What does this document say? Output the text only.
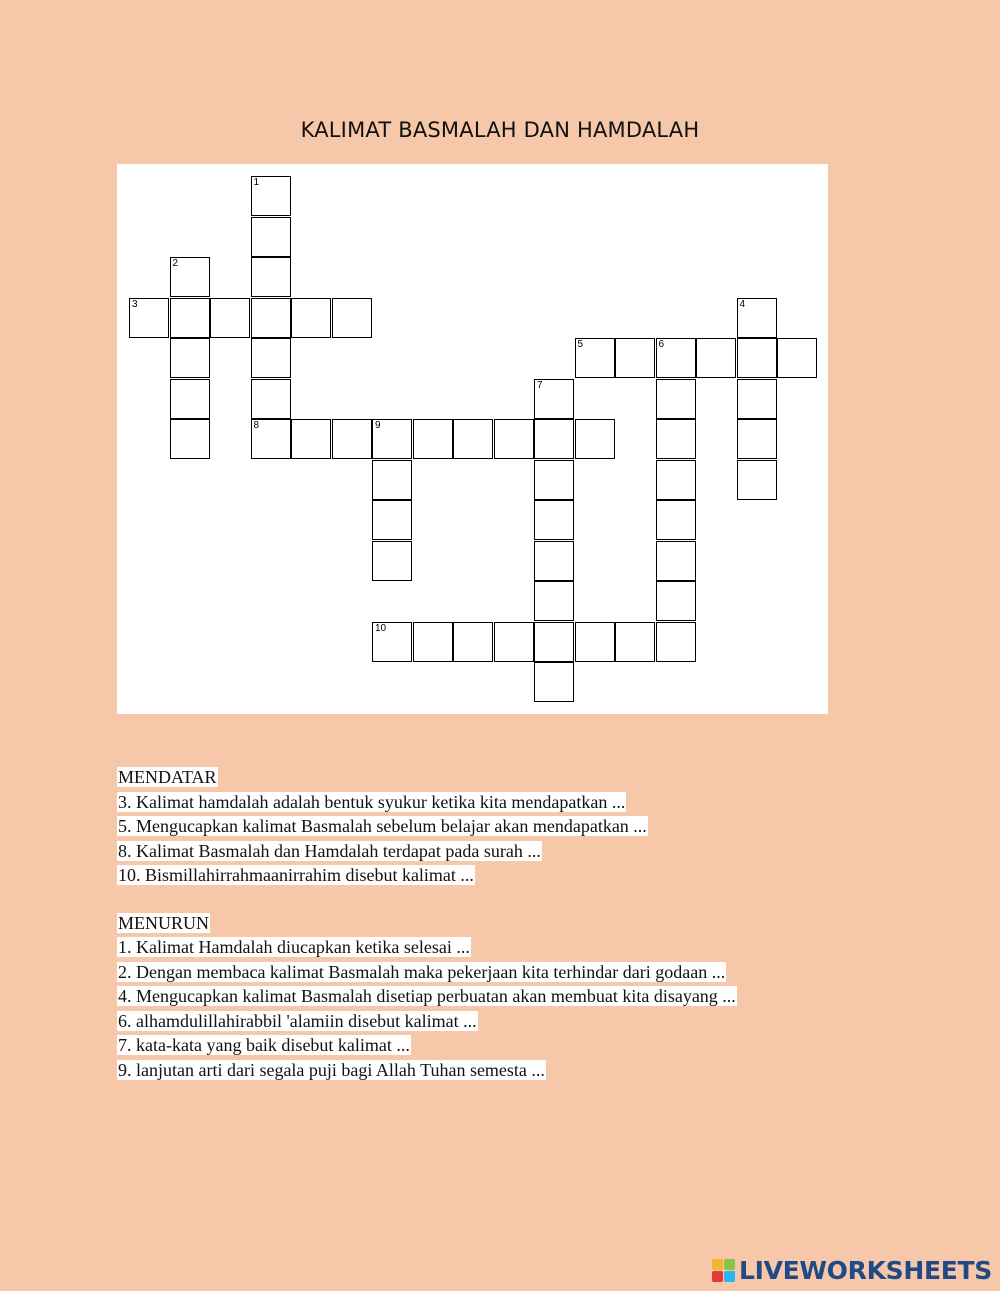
KALIMAT BASMALAH DAN HAMDALAH
1
8
2
3	4
5	6
7
9
10
MENDATAR
3. Kalimat hamdalah adalah bentuk syukur ketika kita mendapatkan ...
5. Mengucapkan kalimat Basmalah sebelum belajar akan mendapatkan ...
8. Kalimat Basmalah dan Hamdalah terdapat pada surah ...
10. Bismillahirrahmaanirrahim disebut kalimat ...
MENURUN
1. Kalimat Hamdalah diucapkan ketika selesai ...
2. Dengan membaca kalimat Basmalah maka pekerjaan kita terhindar dari godaan ...
4. Mengucapkan kalimat Basmalah disetiap perbuatan akan membuat kita disayang ...
6. alhamdulillahirabbil 'alamiin disebut kalimat ...
7. kata-kata yang baik disebut kalimat ...
9. lanjutan arti dari segala puji bagi Allah Tuhan semesta ...
LIVEWORKSHEETS
